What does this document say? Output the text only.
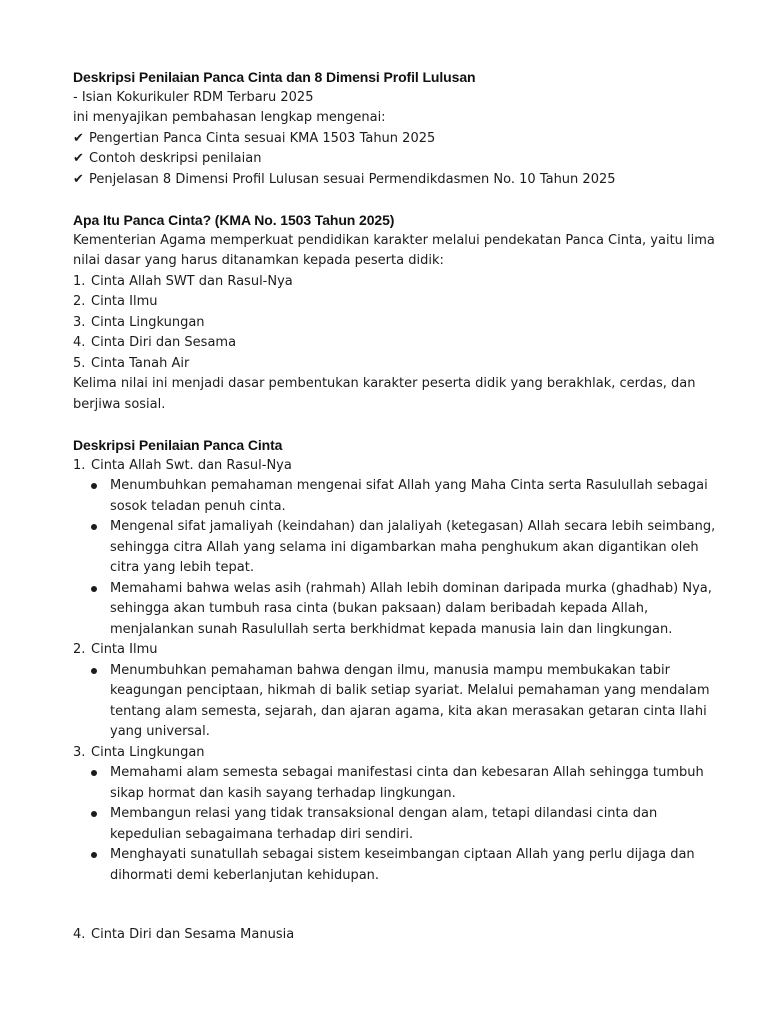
Deskripsi Penilaian Panca Cinta dan 8 Dimensi Profil Lulusan
- Isian Kokurikuler RDM Terbaru 2025
ini menyajikan pembahasan lengkap mengenai:
✔ Pengertian Panca Cinta sesuai KMA 1503 Tahun 2025
✔ Contoh deskripsi penilaian
✔ Penjelasan 8 Dimensi Profil Lulusan sesuai Permendikdasmen No. 10 Tahun 2025
Apa Itu Panca Cinta? (KMA No. 1503 Tahun 2025)
Kementerian Agama memperkuat pendidikan karakter melalui pendekatan Panca Cinta, yaitu lima
nilai dasar yang harus ditanamkan kepada peserta didik:
1. Cinta Allah SWT dan Rasul-Nya
2. Cinta Ilmu
3. Cinta Lingkungan
4. Cinta Diri dan Sesama
5. Cinta Tanah Air
Kelima nilai ini menjadi dasar pembentukan karakter peserta didik yang berakhlak, cerdas, dan
berjiwa sosial.
Deskripsi Penilaian Panca Cinta
1. Cinta Allah Swt. dan Rasul-Nya
Menumbuhkan pemahaman mengenai sifat Allah yang Maha Cinta serta Rasulullah sebagai
sosok teladan penuh cinta.
Mengenal sifat jamaliyah (keindahan) dan jalaliyah (ketegasan) Allah secara lebih seimbang,
sehingga citra Allah yang selama ini digambarkan maha penghukum akan digantikan oleh
citra yang lebih tepat.
Memahami bahwa welas asih (rahmah) Allah lebih dominan daripada murka (ghadhab) Nya,
sehingga akan tumbuh rasa cinta (bukan paksaan) dalam beribadah kepada Allah,
menjalankan sunah Rasulullah serta berkhidmat kepada manusia lain dan lingkungan.
2. Cinta Ilmu
Menumbuhkan pemahaman bahwa dengan ilmu, manusia mampu membukakan tabir
keagungan penciptaan, hikmah di balik setiap syariat. Melalui pemahaman yang mendalam
tentang alam semesta, sejarah, dan ajaran agama, kita akan merasakan getaran cinta Ilahi
yang universal.
3. Cinta Lingkungan
Memahami alam semesta sebagai manifestasi cinta dan kebesaran Allah sehingga tumbuh
sikap hormat dan kasih sayang terhadap lingkungan.
Membangun relasi yang tidak transaksional dengan alam, tetapi dilandasi cinta dan
kepedulian sebagaimana terhadap diri sendiri.
Menghayati sunatullah sebagai sistem keseimbangan ciptaan Allah yang perlu dijaga dan
dihormati demi keberlanjutan kehidupan.
4. Cinta Diri dan Sesama Manusia
